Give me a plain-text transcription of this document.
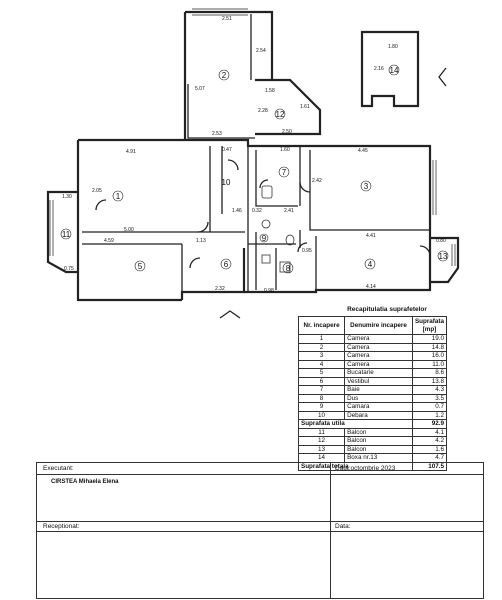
1
2
3
4
5	6
7
8
9
10
11
12
13
14
2.51
5.07
2.54
2.53
1.58
2.50
2.28
1.61
1.80
2.16
4.91	4.45
1.60
0.47
1.30
2.05
5.00
4.59
4.41
4.14
1.46 0.32	2.41
1.13
2.32	0.98
2.42
0.95
0.80
0.75
Recapitulatia suprafetelor
Nr. incapere	Denumire incapere	Suprafata [mp]
1	Camera	19.0
2	Camera	14.8
3	Camera	16.0
4	Camera	11.0
5	Bucatarie	8.6
6	Vestibul	13.8
7	Baie	4.3
8	Dus	3.5
9	Camara	0.7
10	Debara	1.2
Suprafata utila		92.9
11	Balcon	4.1
12	Balcon	4.2
13	Balcon	1.6
14	Boxa nr.13	4.7
Suprafata totala		107.5
Executant:
CIRSTEA Mihaela Elena
Data:octombrie 2023
Receptionat:	Data:
